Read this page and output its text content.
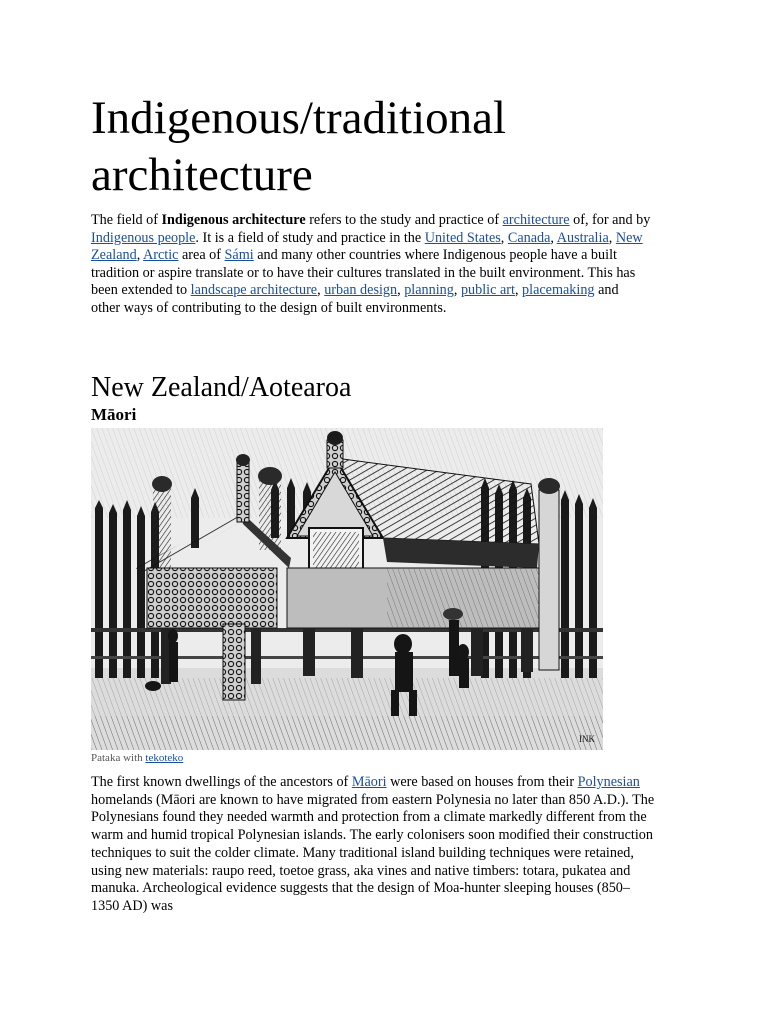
Indigenous/traditional architecture

The field of Indigenous architecture refers to the study and practice of architecture of, for and by Indigenous people. It is a field of study and practice in the United States, Canada, Australia, New Zealand, Arctic area of Sámi and many other countries where Indigenous people have a built tradition or aspire translate or to have their cultures translated in the built environment. This has been extended to landscape architecture, urban design, planning, public art, placemaking and other ways of contributing to the design of built environments.

New Zealand/Aotearoa
Māori
INK
Pataka with tekoteko

The first known dwellings of the ancestors of Māori were based on houses from their Polynesian homelands (Māori are known to have migrated from eastern Polynesia no later than 850 A.D.). The Polynesians found they needed warmth and protection from a climate markedly different from the warm and humid tropical Polynesian islands. The early colonisers soon modified their construction techniques to suit the colder climate. Many traditional island building techniques were retained, using new materials: raupo reed, toetoe grass, aka vines and native timbers: totara, pukatea and manuka. Archeological evidence suggests that the design of Moa-hunter sleeping houses (850–1350 AD) was
